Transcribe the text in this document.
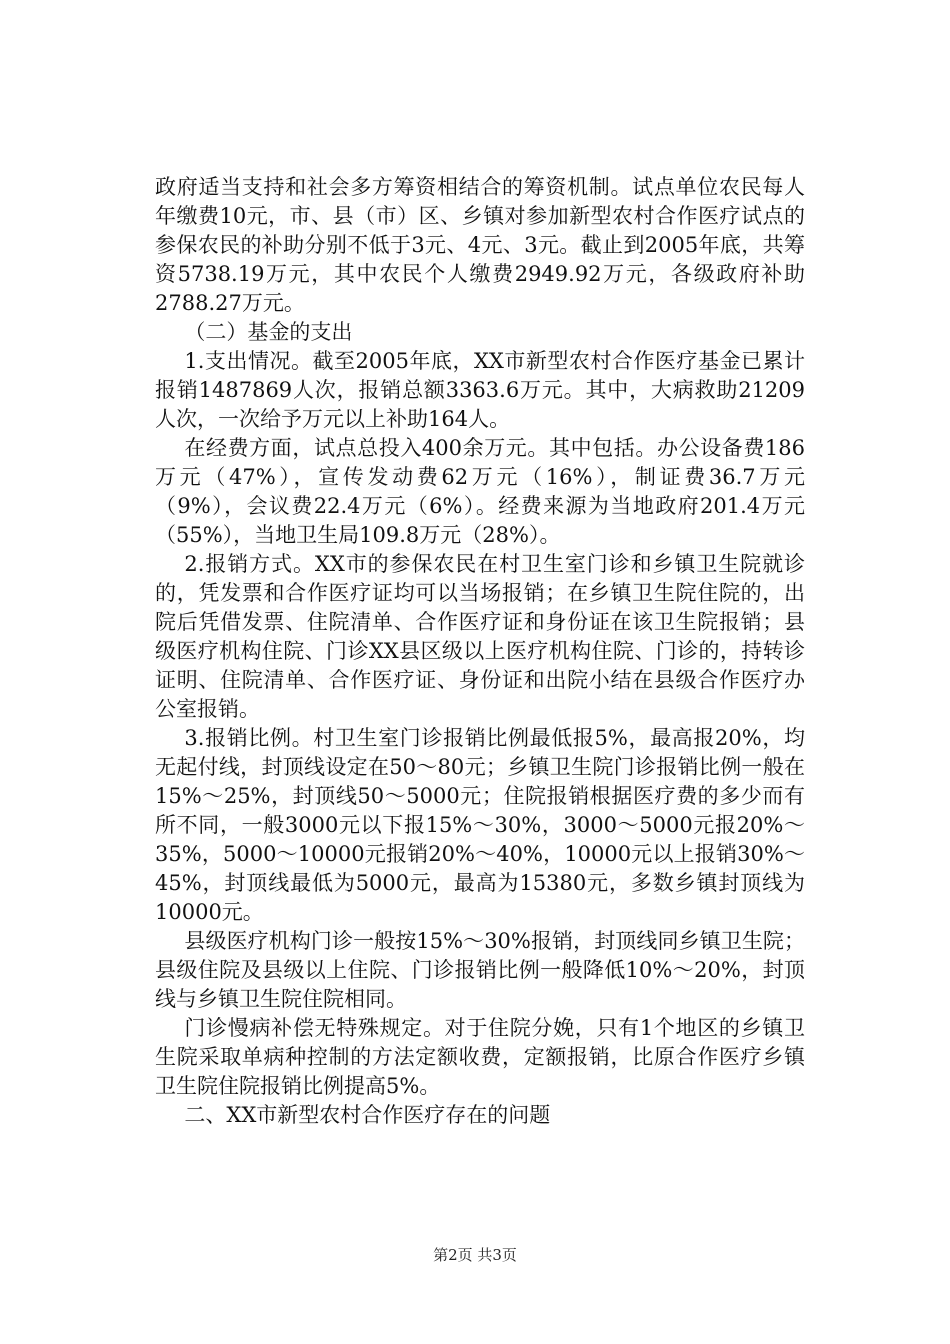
政府适当支持和社会多方筹资相结合的筹资机制。试点单位农民每人年缴费10元，市、县（市）区、乡镇对参加新型农村合作医疗试点的参保农民的补助分别不低于3元、4元、3元。截止到2005年底，共筹资5738.19万元，其中农民个人缴费2949.92万元，各级政府补助2788.27万元。

（二）基金的支出

1.支出情况。截至2005年底，XX市新型农村合作医疗基金已累计报销1487869人次，报销总额3363.6万元。其中，大病救助21209人次，一次给予万元以上补助164人。

在经费方面，试点总投入400余万元。其中包括。办公设备费186万元（47%），宣传发动费62万元（16%），制证费36.7万元（9%），会议费22.4万元（6%）。经费来源为当地政府201.4万元（55%），当地卫生局109.8万元（28%）。

2.报销方式。XX市的参保农民在村卫生室门诊和乡镇卫生院就诊的，凭发票和合作医疗证均可以当场报销；在乡镇卫生院住院的，出院后凭借发票、住院清单、合作医疗证和身份证在该卫生院报销；县级医疗机构住院、门诊XX县区级以上医疗机构住院、门诊的，持转诊证明、住院清单、合作医疗证、身份证和出院小结在县级合作医疗办公室报销。

3.报销比例。村卫生室门诊报销比例最低报5%，最高报20%，均无起付线，封顶线设定在50～80元；乡镇卫生院门诊报销比例一般在15%～25%，封顶线50～5000元；住院报销根据医疗费的多少而有所不同，一般3000元以下报15%～30%，3000～5000元报20%～35%，5000～10000元报销20%～40%，10000元以上报销30%～45%，封顶线最低为5000元，最高为15380元，多数乡镇封顶线为10000元。

县级医疗机构门诊一般按15%～30%报销，封顶线同乡镇卫生院；县级住院及县级以上住院、门诊报销比例一般降低10%～20%，封顶线与乡镇卫生院住院相同。

门诊慢病补偿无特殊规定。对于住院分娩，只有1个地区的乡镇卫生院采取单病种控制的方法定额收费，定额报销，比原合作医疗乡镇卫生院住院报销比例提高5%。

二、XX市新型农村合作医疗存在的问题

第2页 共3页
